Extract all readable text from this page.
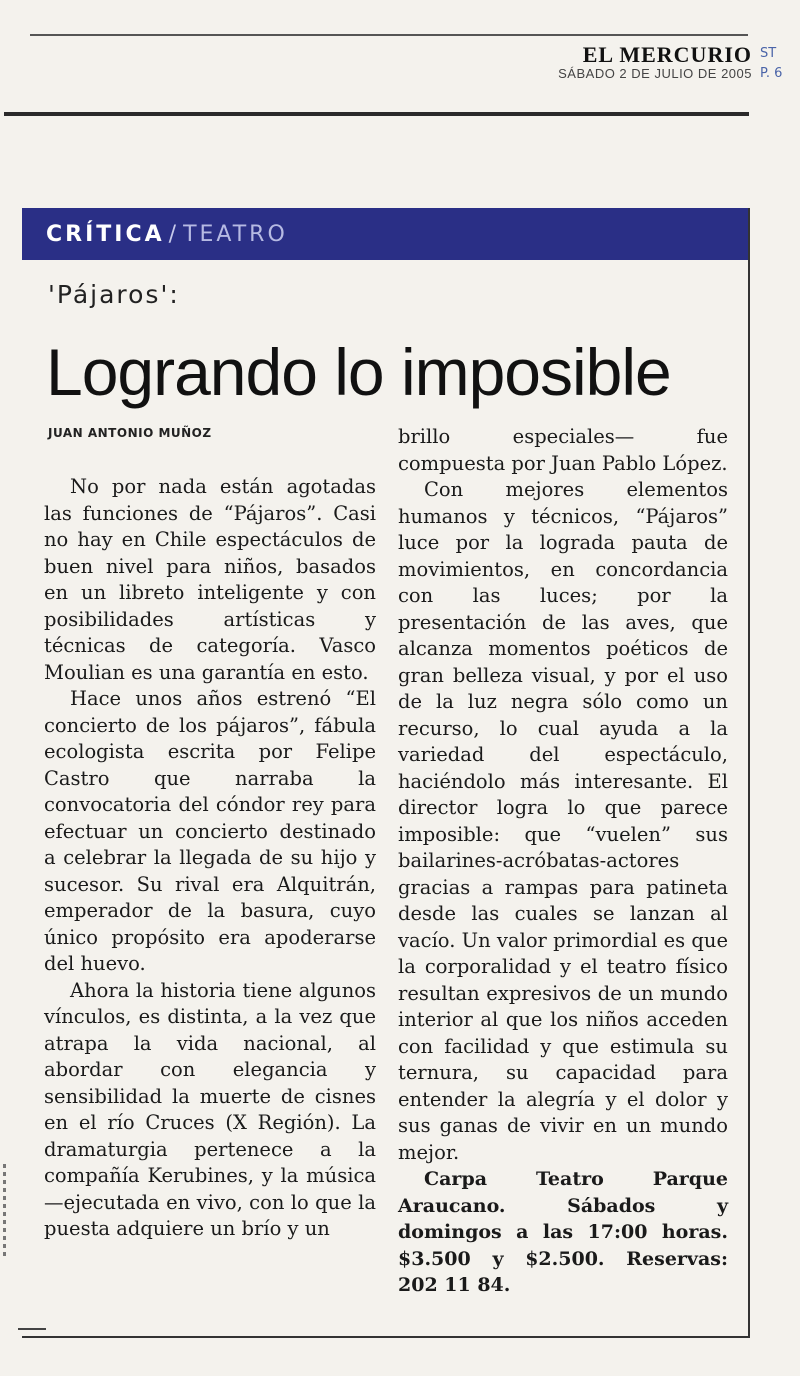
EL MERCURIO
SÁBADO 2 DE JULIO DE 2005
ST
P. 6
CRÍTICA / TEATRO
'Pájaros':
Logrando lo imposible
JUAN ANTONIO MUÑOZ

No por nada están agotadas las funciones de “Pájaros”. Casi no hay en Chile espectáculos de buen nivel para niños, basados en un libreto inteligente y con posibilidades artísticas y técnicas de categoría. Vasco Moulian es una garantía en esto.

Hace unos años estrenó “El concierto de los pájaros”, fábula ecologista escrita por Felipe Castro que narraba la convocatoria del cóndor rey para efectuar un concierto destinado a celebrar la llegada de su hijo y sucesor. Su rival era Alquitrán, emperador de la basura, cuyo único propósito era apoderarse del huevo.

Ahora la historia tiene algunos vínculos, es distinta, a la vez que atrapa la vida nacional, al abordar con elegancia y sensibilidad la muerte de cisnes en el río Cruces (X Región). La dramaturgia pertenece a la compañía Kerubines, y la música —ejecutada en vivo, con lo que la puesta adquiere un brío y un

brillo especiales— fue compuesta por Juan Pablo López.

Con mejores elementos humanos y técnicos, “Pájaros” luce por la lograda pauta de movimientos, en concordancia con las luces; por la presentación de las aves, que alcanza momentos poéticos de gran belleza visual, y por el uso de la luz negra sólo como un recurso, lo cual ayuda a la variedad del espectáculo, haciéndolo más interesante. El director logra lo que parece imposible: que “vuelen” sus bailarines-acróbatas-actores gracias a rampas para patineta desde las cuales se lanzan al vacío. Un valor primordial es que la corporalidad y el teatro físico resultan expresivos de un mundo interior al que los niños acceden con facilidad y que estimula su ternura, su capacidad para entender la alegría y el dolor y sus ganas de vivir en un mundo mejor.

Carpa Teatro Parque Araucano. Sábados y domingos a las 17:00 horas. $3.500 y $2.500. Reservas: 202 11 84.
